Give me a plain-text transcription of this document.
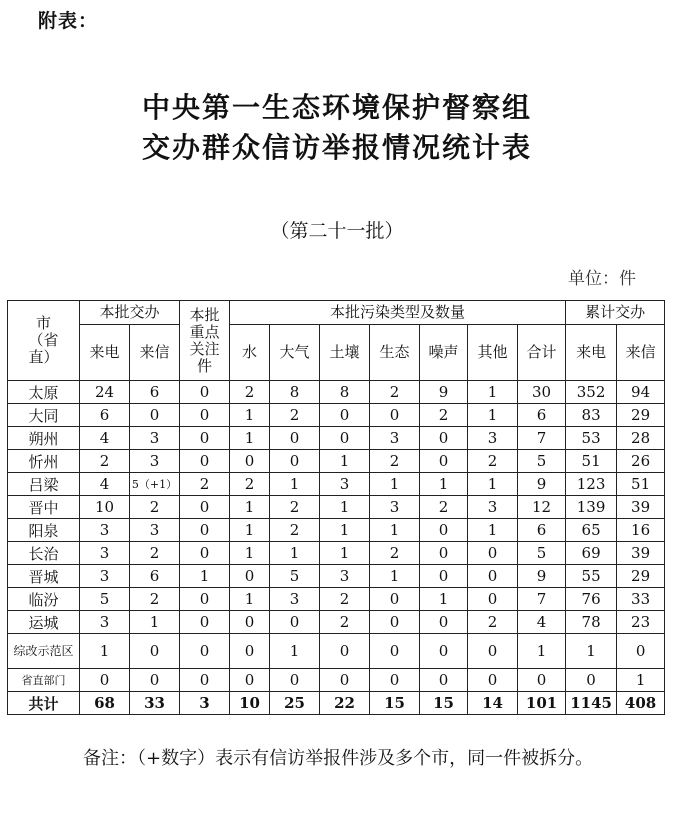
附表：
中央第一生态环境保护督察组
交办群众信访举报情况统计表
（第二十一批）
单位：件
市（省直）	本批交办		本批重点关注件	本批污染类型及数量							累计交办	
	来电	来信		水	大气	土壤	生态	噪声	其他	合计	来电	来信
太原	24	6	0	2	8	8	2	9	1	30	352	94
大同	6	0	0	1	2	0	0	2	1	6	83	29
朔州	4	3	0	1	0	0	3	0	3	7	53	28
忻州	2	3	0	0	0	1	2	0	2	5	51	26
吕梁	4	5（+1）	2	2	1	3	1	1	1	9	123	51
晋中	10	2	0	1	2	1	3	2	3	12	139	39
阳泉	3	3	0	1	2	1	1	0	1	6	65	16
长治	3	2	0	1	1	1	2	0	0	5	69	39
晋城	3	6	1	0	5	3	1	0	0	9	55	29
临汾	5	2	0	1	3	2	0	1	0	7	76	33
运城	3	1	0	0	0	2	0	0	2	4	78	23
综改示范区	1	0	0	0	1	0	0	0	0	1	1	0
省直部门	0	0	0	0	0	0	0	0	0	0	0	1
共计	68	33	3	10	25	22	15	15	14	101	1145	408
备注：（+数字）表示有信访举报件涉及多个市，同一件被拆分。
